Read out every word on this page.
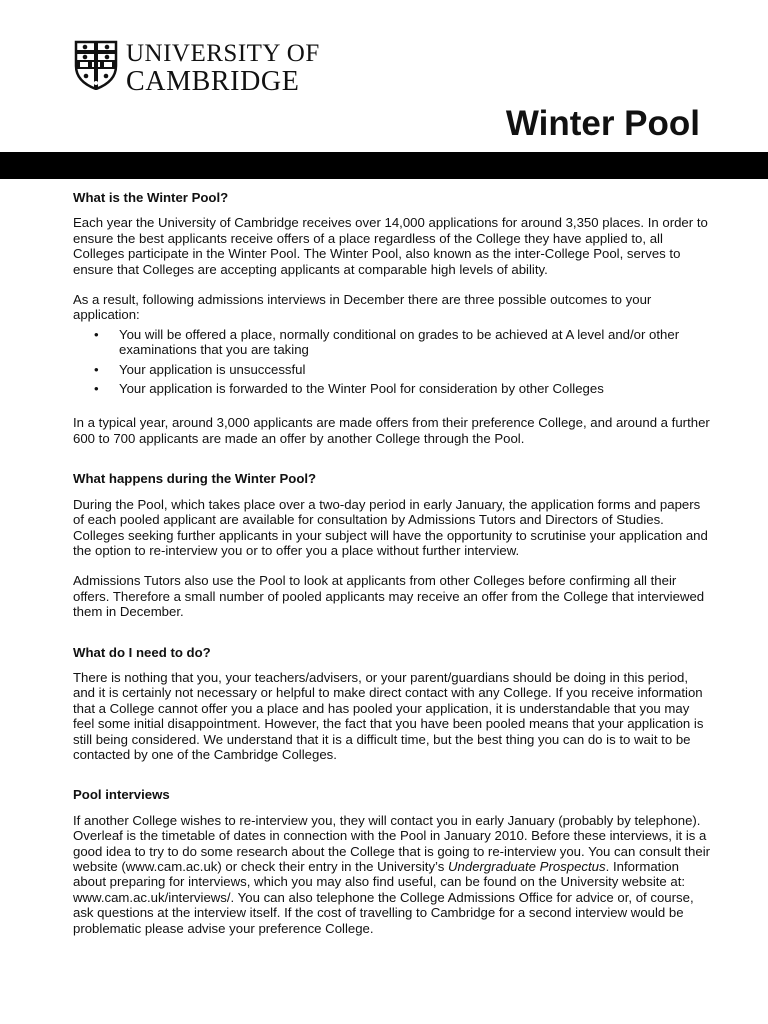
UNIVERSITY OF
CAMBRIDGE
Winter Pool
What is the Winter Pool?

Each year the University of Cambridge receives over 14,000 applications for around 3,350 places. In order to ensure the best applicants receive offers of a place regardless of the College they have applied to, all Colleges participate in the Winter Pool. The Winter Pool, also known as the inter-College Pool, serves to ensure that Colleges are accepting applicants at comparable high levels of ability.

As a result, following admissions interviews in December there are three possible outcomes to your application:

• You will be offered a place, normally conditional on grades to be achieved at A level and/or other examinations that you are taking
• Your application is unsuccessful
• Your application is forwarded to the Winter Pool for consideration by other Colleges

In a typical year, around 3,000 applicants are made offers from their preference College, and around a further 600 to 700 applicants are made an offer by another College through the Pool.

What happens during the Winter Pool?

During the Pool, which takes place over a two-day period in early January, the application forms and papers of each pooled applicant are available for consultation by Admissions Tutors and Directors of Studies. Colleges seeking further applicants in your subject will have the opportunity to scrutinise your application and the option to re-interview you or to offer you a place without further interview.

Admissions Tutors also use the Pool to look at applicants from other Colleges before confirming all their offers. Therefore a small number of pooled applicants may receive an offer from the College that interviewed them in December.

What do I need to do?

There is nothing that you, your teachers/advisers, or your parent/guardians should be doing in this period, and it is certainly not necessary or helpful to make direct contact with any College. If you receive information that a College cannot offer you a place and has pooled your application, it is understandable that you may feel some initial disappointment. However, the fact that you have been pooled means that your application is still being considered. We understand that it is a difficult time, but the best thing you can do is to wait to be contacted by one of the Cambridge Colleges.

Pool interviews

If another College wishes to re-interview you, they will contact you in early January (probably by telephone). Overleaf is the timetable of dates in connection with the Pool in January 2010. Before these interviews, it is a good idea to try to do some research about the College that is going to re-interview you. You can consult their website (www.cam.ac.uk) or check their entry in the University’s Undergraduate Prospectus. Information about preparing for interviews, which you may also find useful, can be found on the University website at: www.cam.ac.uk/interviews/. You can also telephone the College Admissions Office for advice or, of course, ask questions at the interview itself. If the cost of travelling to Cambridge for a second interview would be problematic please advise your preference College.
